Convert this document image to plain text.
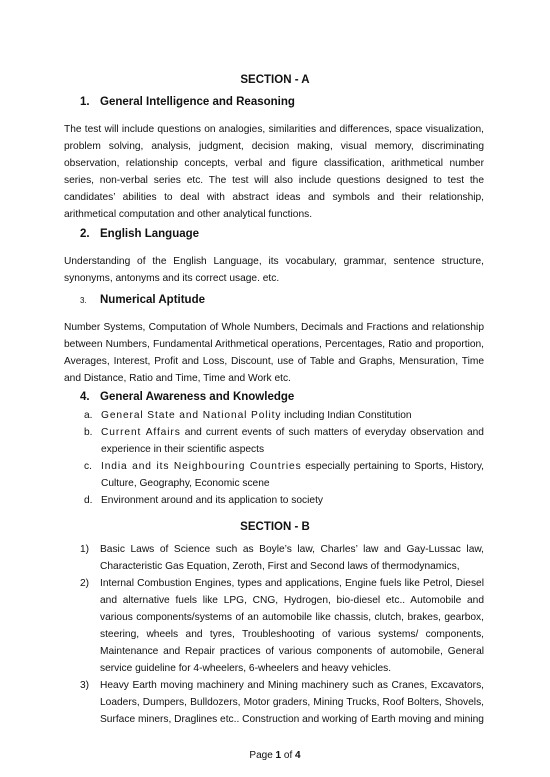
SECTION - A
1. General Intelligence and Reasoning

The test will include questions on analogies, similarities and differences, space visualization, problem solving, analysis, judgment, decision making, visual memory, discriminating observation, relationship concepts, verbal and figure classification, arithmetical number series, non-verbal series etc. The test will also include questions designed to test the candidates’ abilities to deal with abstract ideas and symbols and their relationship, arithmetical computation and other analytical functions.

2. English Language

Understanding of the English Language, its vocabulary, grammar, sentence structure, synonyms, antonyms and its correct usage. etc.

3. Numerical Aptitude

Number Systems, Computation of Whole Numbers, Decimals and Fractions and relationship between Numbers, Fundamental Arithmetical operations, Percentages, Ratio and proportion, Averages, Interest, Profit and Loss, Discount, use of Table and Graphs, Mensuration, Time and Distance, Ratio and Time, Time and Work etc.

4. General Awareness and Knowledge
a. General State and National Polity including Indian Constitution
b. Current Affairs and current events of such matters of everyday observation and experience in their scientific aspects
c. India and its Neighbouring Countries especially pertaining to Sports, History, Culture, Geography, Economic scene
d. Environment around and its application to society
SECTION - B
1) Basic Laws of Science such as Boyle’s law, Charles’ law and Gay-Lussac law, Characteristic Gas Equation, Zeroth, First and Second laws of thermodynamics,
2) Internal Combustion Engines, types and applications, Engine fuels like Petrol, Diesel and alternative fuels like LPG, CNG, Hydrogen, bio-diesel etc.. Automobile and various components/systems of an automobile like chassis, clutch, brakes, gearbox, steering, wheels and tyres, Troubleshooting of various systems/ components, Maintenance and Repair practices of various components of automobile, General service guideline for 4-wheelers, 6-wheelers and heavy vehicles.
3) Heavy Earth moving machinery and Mining machinery such as Cranes, Excavators, Loaders, Dumpers, Bulldozers, Motor graders, Mining Trucks, Roof Bolters, Shovels, Surface miners, Draglines etc.. Construction and working of Earth moving and mining
Page 1 of 4
